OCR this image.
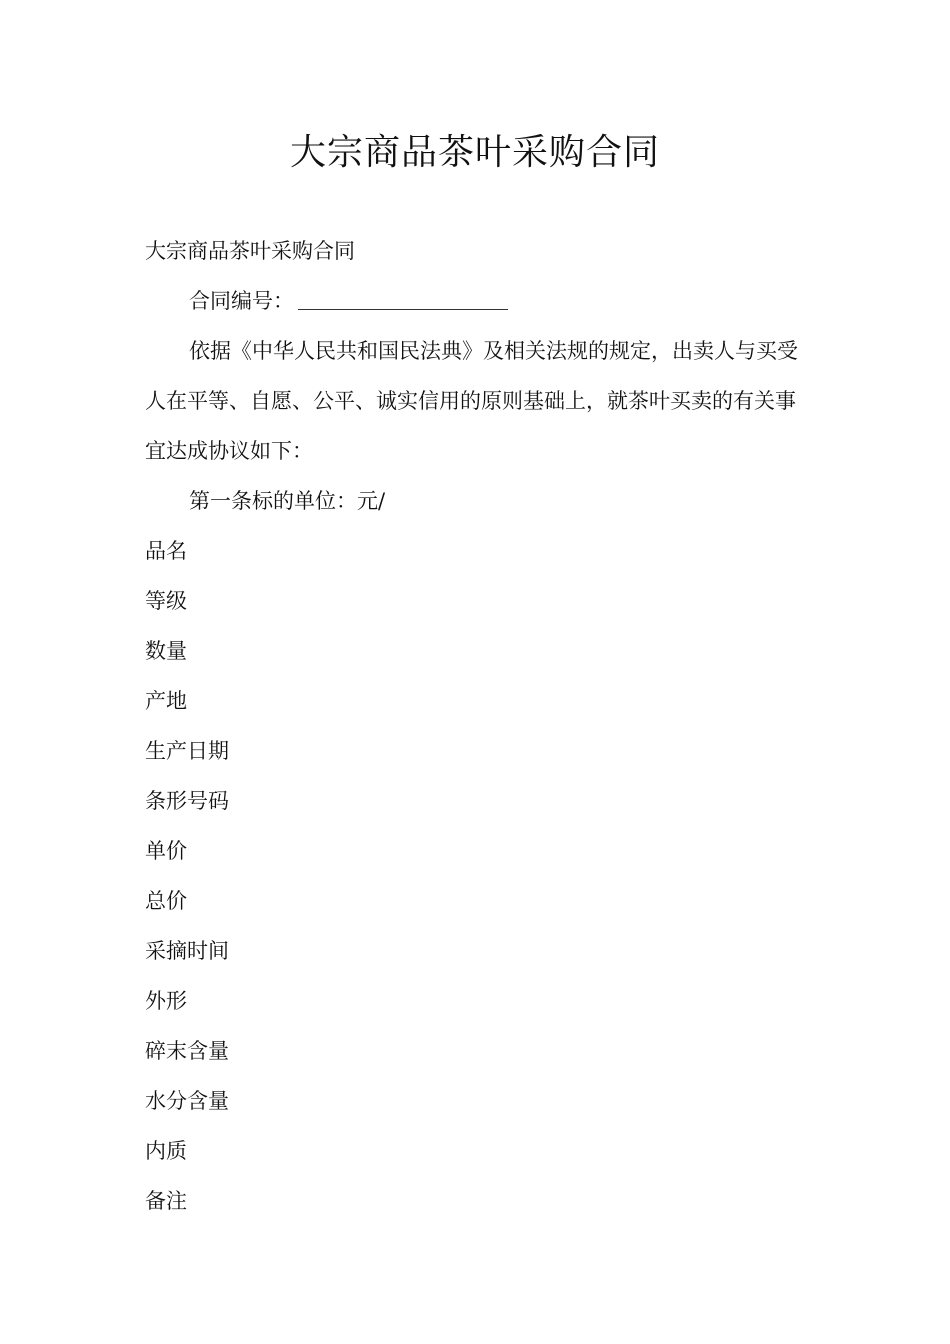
大宗商品茶叶采购合同

大宗商品茶叶采购合同

合同编号：

依据《中华人民共和国民法典》及相关法规的规定，出卖人与买受人在平等、自愿、公平、诚实信用的原则基础上，就茶叶买卖的有关事宜达成协议如下：

第一条标的单位：元/

品名

等级

数量

产地

生产日期

条形号码

单价

总价

采摘时间

外形

碎末含量

水分含量

内质

备注
